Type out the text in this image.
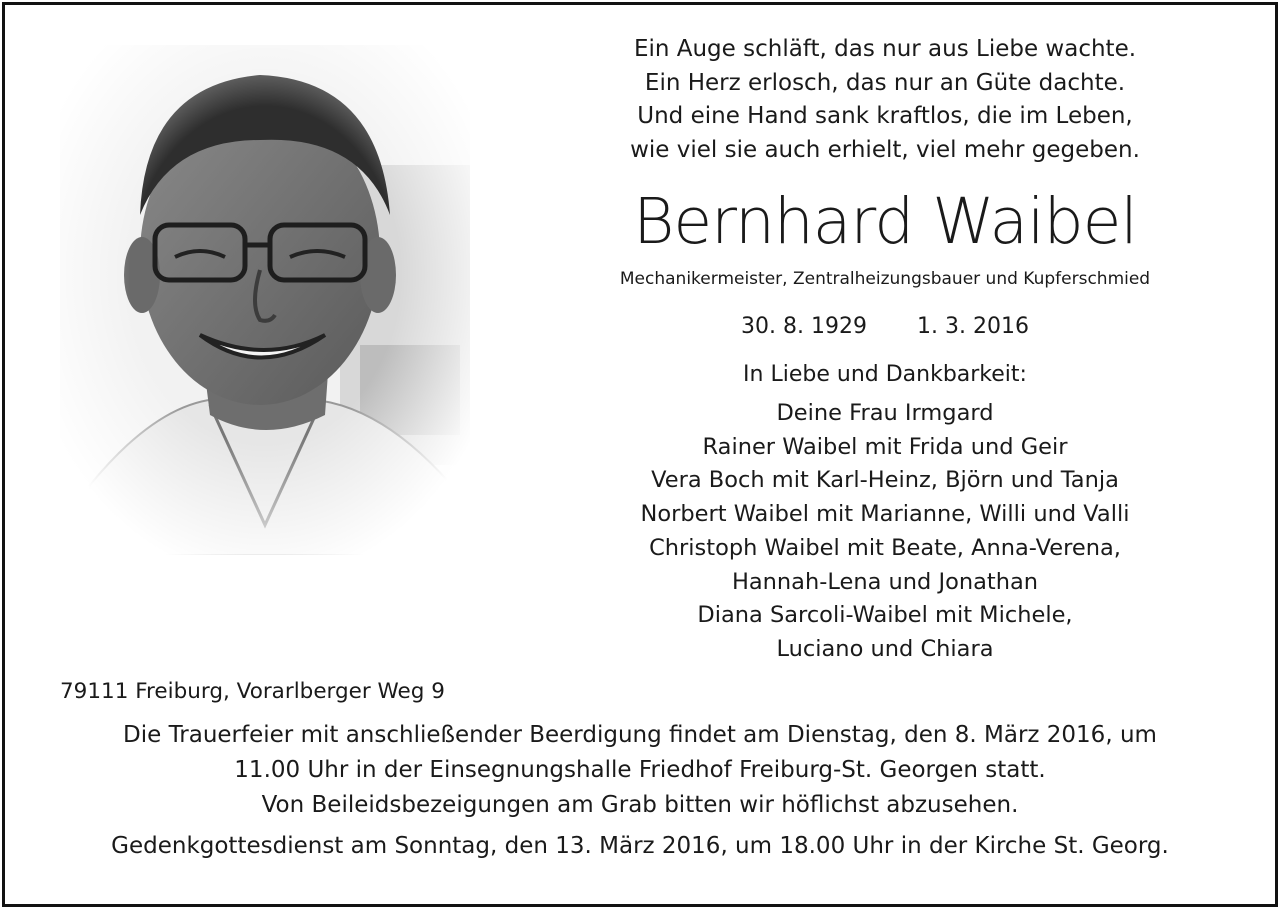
Ein Auge schläft, das nur aus Liebe wachte.
Ein Herz erlosch, das nur an Güte dachte.
Und eine Hand sank kraftlos, die im Leben,
wie viel sie auch erhielt, viel mehr gegeben.
Bernhard Waibel
Mechanikermeister, Zentralheizungsbauer und Kupferschmied
30. 8. 1929 1. 3. 2016
In Liebe und Dankbarkeit:
Deine Frau Irmgard
Rainer Waibel mit Frida und Geir
Vera Boch mit Karl-Heinz, Björn und Tanja
Norbert Waibel mit Marianne, Willi und Valli
Christoph Waibel mit Beate, Anna-Verena,
Hannah-Lena und Jonathan
Diana Sarcoli-Waibel mit Michele,
Luciano und Chiara
79111 Freiburg, Vorarlberger Weg 9
Die Trauerfeier mit anschließender Beerdigung findet am Dienstag, den 8. März 2016, um
11.00 Uhr in der Einsegnungshalle Friedhof Freiburg-St. Georgen statt.
Von Beileidsbezeigungen am Grab bitten wir höflichst abzusehen.
Gedenkgottesdienst am Sonntag, den 13. März 2016, um 18.00 Uhr in der Kirche St. Georg.
